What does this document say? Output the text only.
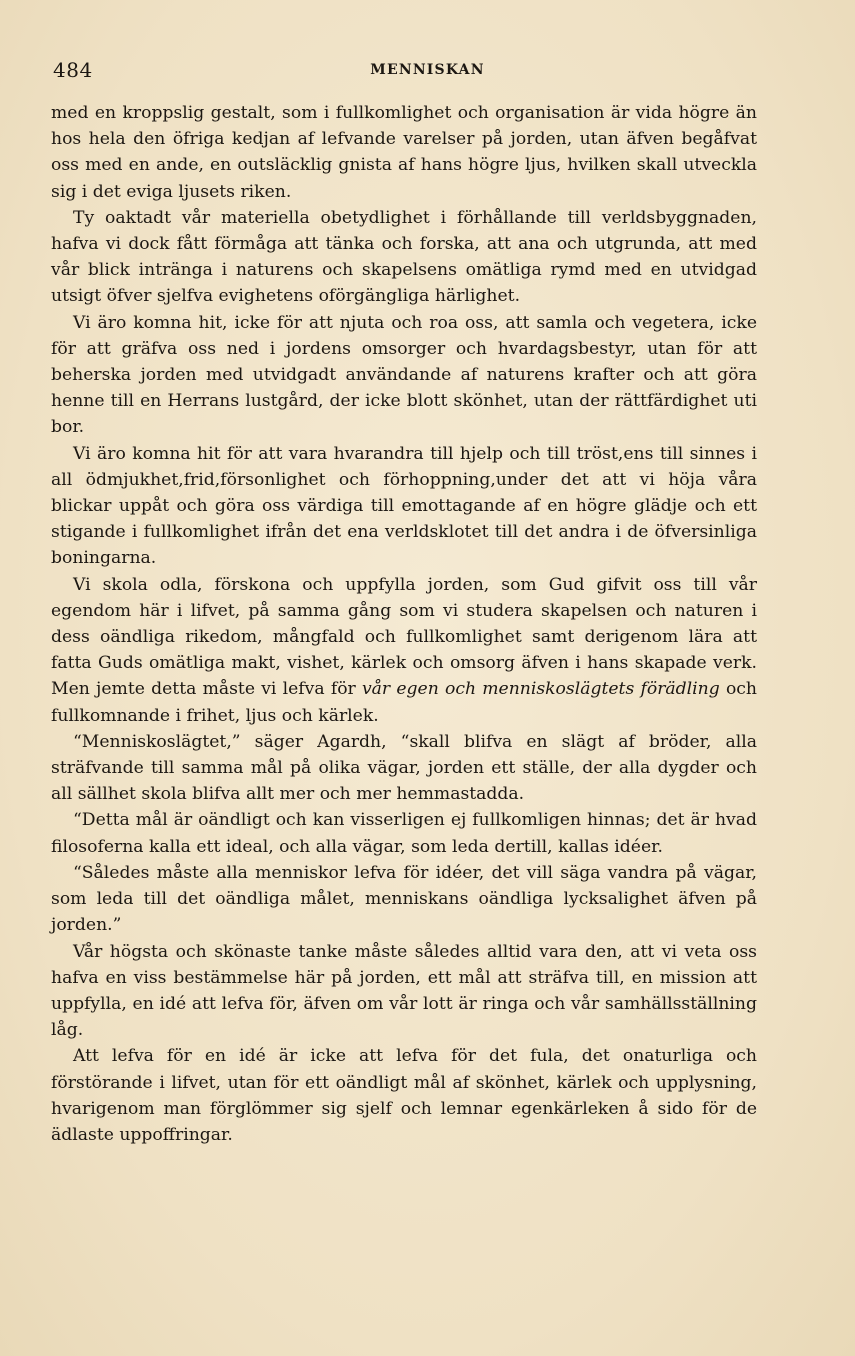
484	MENNISKAN

med en kroppslig gestalt, som i fullkomlighet och organisation är vida högre än hos hela den öfriga kedjan af lefvande varelser på jorden, utan äfven begåfvat oss med en ande, en outsläcklig gnista af hans högre ljus, hvilken skall utveckla sig i det eviga ljusets riken.

Ty oaktadt vår materiella obetydlighet i förhållande till verldsbyggnaden, hafva vi dock fått förmåga att tänka och forska, att ana och utgrunda, att med vår blick intränga i naturens och skapelsens omätliga rymd med en utvidgad utsigt öfver sjelfva evighetens oförgängliga härlighet.

Vi äro komna hit, icke för att njuta och roa oss, att samla och vegetera, icke för att gräfva oss ned i jordens omsorger och hvardagsbestyr, utan för att beherska jorden med utvidgadt användande af naturens krafter och att göra henne till en Herrans lustgård, der icke blott skönhet, utan der rättfärdighet uti bor.

Vi äro komna hit för att vara hvarandra till hjelp och till tröst,ens till sinnes i all ödmjukhet,frid,försonlighet och förhoppning,under det att vi höja våra blickar uppåt och göra oss värdiga till emottagande af en högre glädje och ett stigande i fullkomlighet ifrån det ena verldsklotet till det andra i de öfversinliga boningarna.

Vi skola odla, förskona och uppfylla jorden, som Gud gifvit oss till vår egendom här i lifvet, på samma gång som vi studera skapelsen och naturen i dess oändliga rikedom, mångfald och fullkomlighet samt derigenom lära att fatta Guds omätliga makt, vishet, kärlek och omsorg äfven i hans skapade verk. Men jemte detta måste vi lefva för vår egen och menniskoslägtets förädling och fullkomnande i frihet, ljus och kärlek.

“Menniskoslägtet,” säger Agardh, “skall blifva en slägt af bröder, alla sträfvande till samma mål på olika vägar, jorden ett ställe, der alla dygder och all sällhet skola blifva allt mer och mer hemmastadda.

“Detta mål är oändligt och kan visserligen ej fullkomligen hinnas; det är hvad filosoferna kalla ett ideal, och alla vägar, som leda dertill, kallas idéer.

“Således måste alla menniskor lefva för idéer, det vill säga vandra på vägar, som leda till det oändliga målet, menniskans oändliga lycksalighet äfven på jorden.”

Vår högsta och skönaste tanke måste således alltid vara den, att vi veta oss hafva en viss bestämmelse här på jorden, ett mål att sträfva till, en mission att uppfylla, en idé att lefva för, äfven om vår lott är ringa och vår samhällsställning låg.

Att lefva för en idé är icke att lefva för det fula, det onaturliga och förstörande i lifvet, utan för ett oändligt mål af skönhet, kärlek och upplysning, hvarigenom man förglömmer sig sjelf och lemnar egenkärleken å sido för de ädlaste uppoffringar.
